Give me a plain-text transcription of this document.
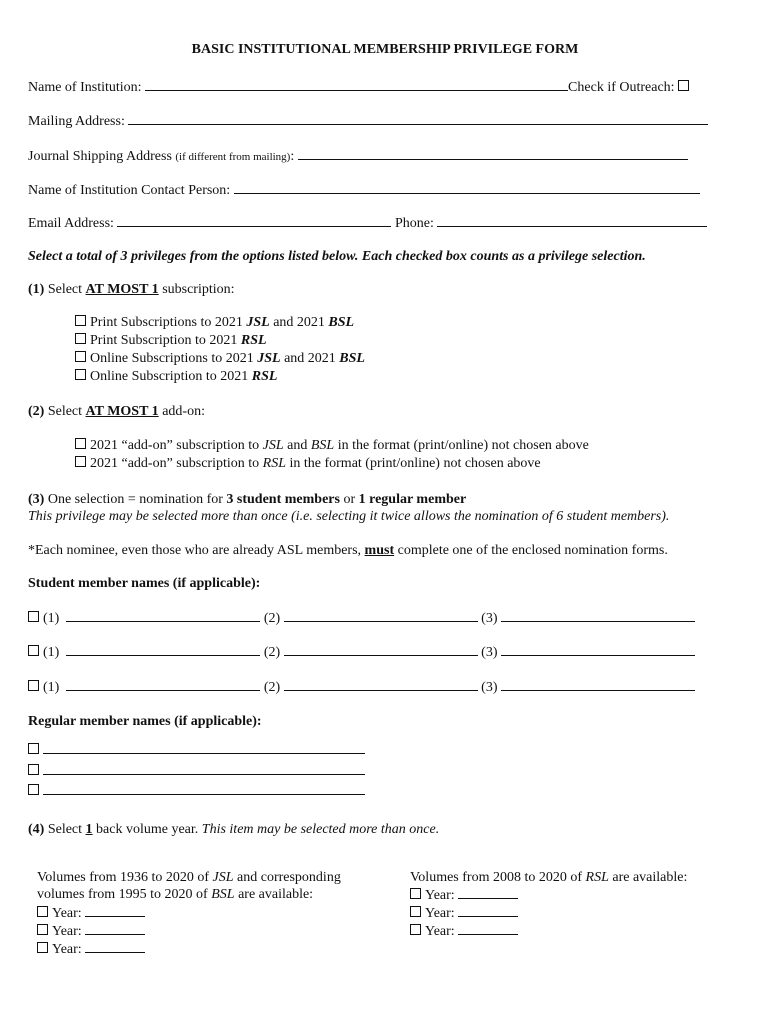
BASIC INSTITUTIONAL MEMBERSHIP PRIVILEGE FORM
Name of Institution:	Check if Outreach:
Mailing Address:
Journal Shipping Address (if different from mailing):
Name of Institution Contact Person:
Email Address:	Phone:
Select a total of 3 privileges from the options listed below. Each checked box counts as a privilege selection.
(1) Select AT MOST 1 subscription:
Print Subscriptions to 2021 JSL and 2021 BSL
Print Subscription to 2021 RSL
Online Subscriptions to 2021 JSL and 2021 BSL
Online Subscription to 2021 RSL
(2) Select AT MOST 1 add-on:
2021 “add-on” subscription to JSL and BSL in the format (print/online) not chosen above
2021 “add-on” subscription to RSL in the format (print/online) not chosen above
(3) One selection = nomination for 3 student members or 1 regular member
This privilege may be selected more than once (i.e. selecting it twice allows the nomination of 6 student members).
*Each nominee, even those who are already ASL members, must complete one of the enclosed nomination forms.
Student member names (if applicable):
(1)	(2)	(3)
(1)	(2)	(3)
(1)	(2)	(3)
Regular member names (if applicable):
(4) Select 1 back volume year. This item may be selected more than once.
Volumes from 1936 to 2020 of JSL and corresponding
volumes from 1995 to 2020 of BSL are available:
Year:
Year:
Year:
Volumes from 2008 to 2020 of RSL are available:
Year:
Year:
Year:
